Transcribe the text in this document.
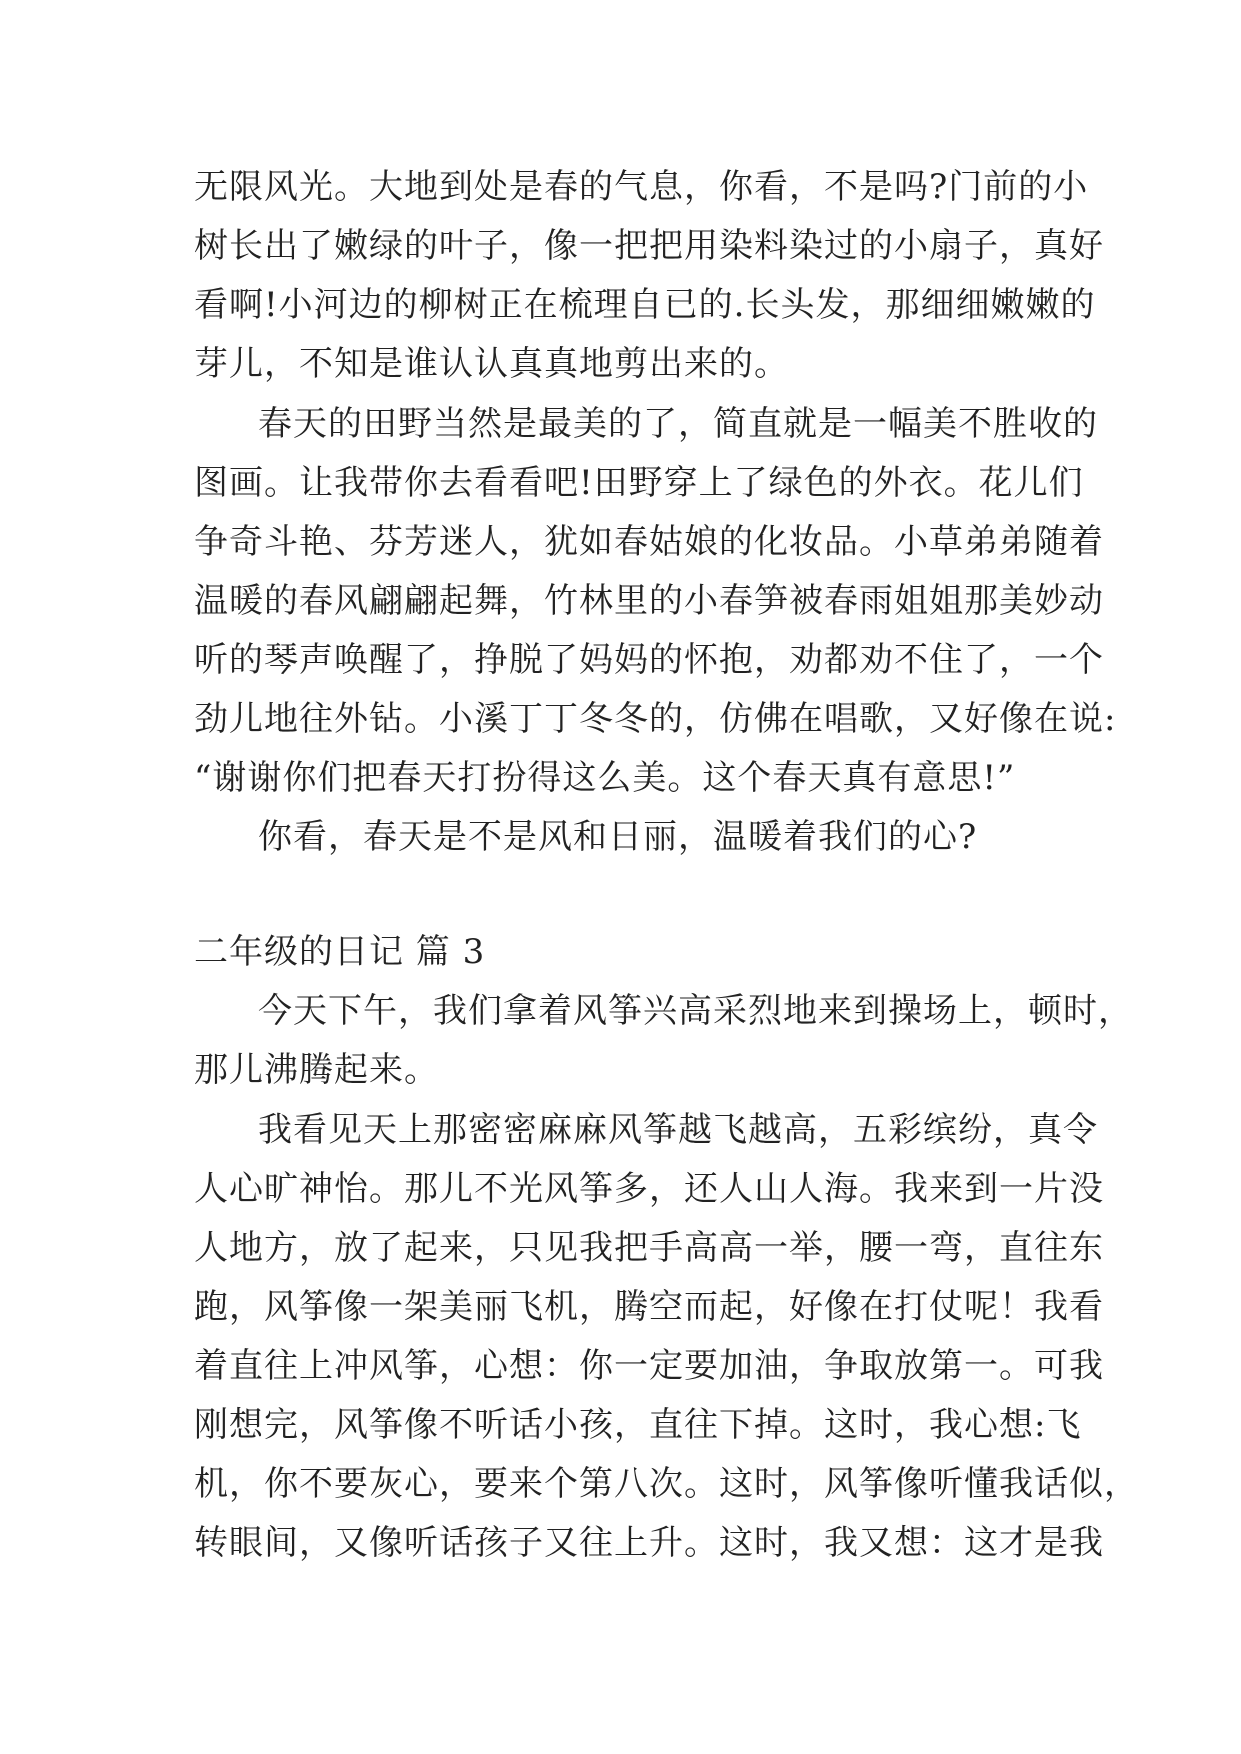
无限风光。大地到处是春的气息，你看，不是吗?门前的小
树长出了嫩绿的叶子，像一把把用染料染过的小扇子，真好
看啊!小河边的柳树正在梳理自已的.长头发，那细细嫩嫩的
芽儿，不知是谁认认真真地剪出来的。
春天的田野当然是最美的了，简直就是一幅美不胜收的
图画。让我带你去看看吧!田野穿上了绿色的外衣。花儿们
争奇斗艳、芬芳迷人，犹如春姑娘的化妆品。小草弟弟随着
温暖的春风翩翩起舞，竹林里的小春笋被春雨姐姐那美妙动
听的琴声唤醒了，挣脱了妈妈的怀抱，劝都劝不住了，一个
劲儿地往外钻。小溪丁丁冬冬的，仿佛在唱歌，又好像在说:
“谢谢你们把春天打扮得这么美。这个春天真有意思!”
你看，春天是不是风和日丽，温暖着我们的心?
二年级的日记 篇 3
今天下午，我们拿着风筝兴高采烈地来到操场上，顿时，
那儿沸腾起来。
我看见天上那密密麻麻风筝越飞越高，五彩缤纷，真令
人心旷神怡。那儿不光风筝多，还人山人海。我来到一片没
人地方，放了起来，只见我把手高高一举，腰一弯，直往东
跑，风筝像一架美丽飞机，腾空而起，好像在打仗呢！我看
着直往上冲风筝，心想：你一定要加油，争取放第一。可我
刚想完，风筝像不听话小孩，直往下掉。这时，我心想:飞
机，你不要灰心，要来个第八次。这时，风筝像听懂我话似，
转眼间，又像听话孩子又往上升。这时，我又想：这才是我
